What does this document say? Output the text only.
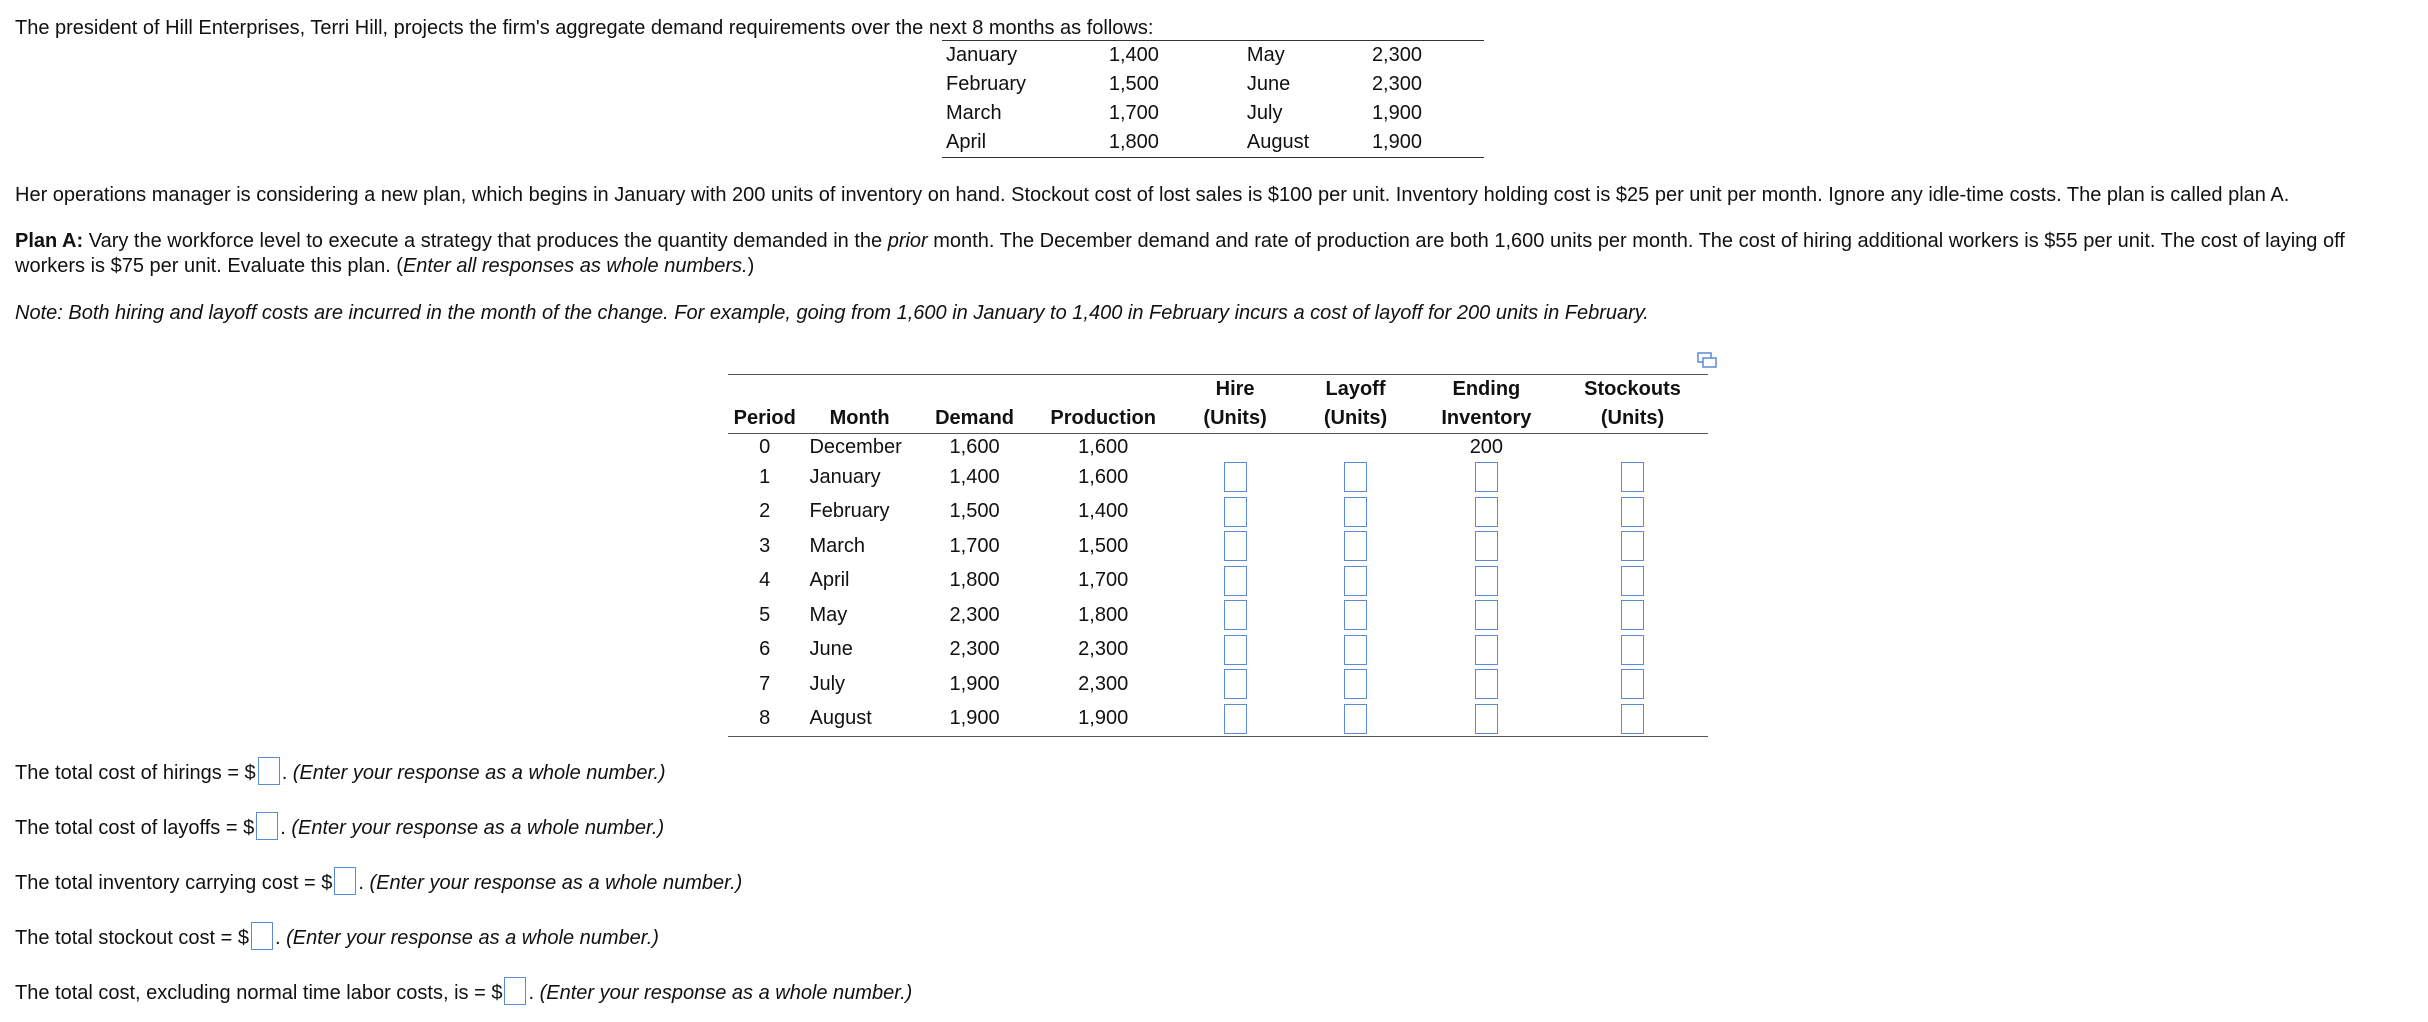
The president of Hill Enterprises, Terri Hill, projects the firm's aggregate demand requirements over the next 8 months as follows:
January	1,400	May	2,300
February	1,500	June	2,300
March	1,700	July	1,900
April	1,800	August	1,900
Her operations manager is considering a new plan, which begins in January with 200 units of inventory on hand. Stockout cost of lost sales is $100 per unit. Inventory holding cost is $25 per unit per month. Ignore any idle-time costs. The plan is called plan A.
Plan A: Vary the workforce level to execute a strategy that produces the quantity demanded in the prior month. The December demand and rate of production are both 1,600 units per month. The cost of hiring additional workers is $55 per unit. The cost of laying off workers is $75 per unit. Evaluate this plan. (Enter all responses as whole numbers.)
Note: Both hiring and layoff costs are incurred in the month of the change. For example, going from 1,600 in January to 1,400 in February incurs a cost of layoff for 200 units in February.
				Hire	Layoff	Ending	Stockouts
Period	Month	Demand	Production	(Units)	(Units)	Inventory	(Units)
0	December	1,600	1,600			200	
1	January	1,400	1,600				
2	February	1,500	1,400				
3	March	1,700	1,500				
4	April	1,800	1,700				
5	May	2,300	1,800				
6	June	2,300	2,300				
7	July	1,900	2,300				
8	August	1,900	1,900				
The total cost of hirings = $ . (Enter your response as a whole number.)
The total cost of layoffs = $ . (Enter your response as a whole number.)
The total inventory carrying cost = $ . (Enter your response as a whole number.)
The total stockout cost = $ . (Enter your response as a whole number.)
The total cost, excluding normal time labor costs, is = $ . (Enter your response as a whole number.)
